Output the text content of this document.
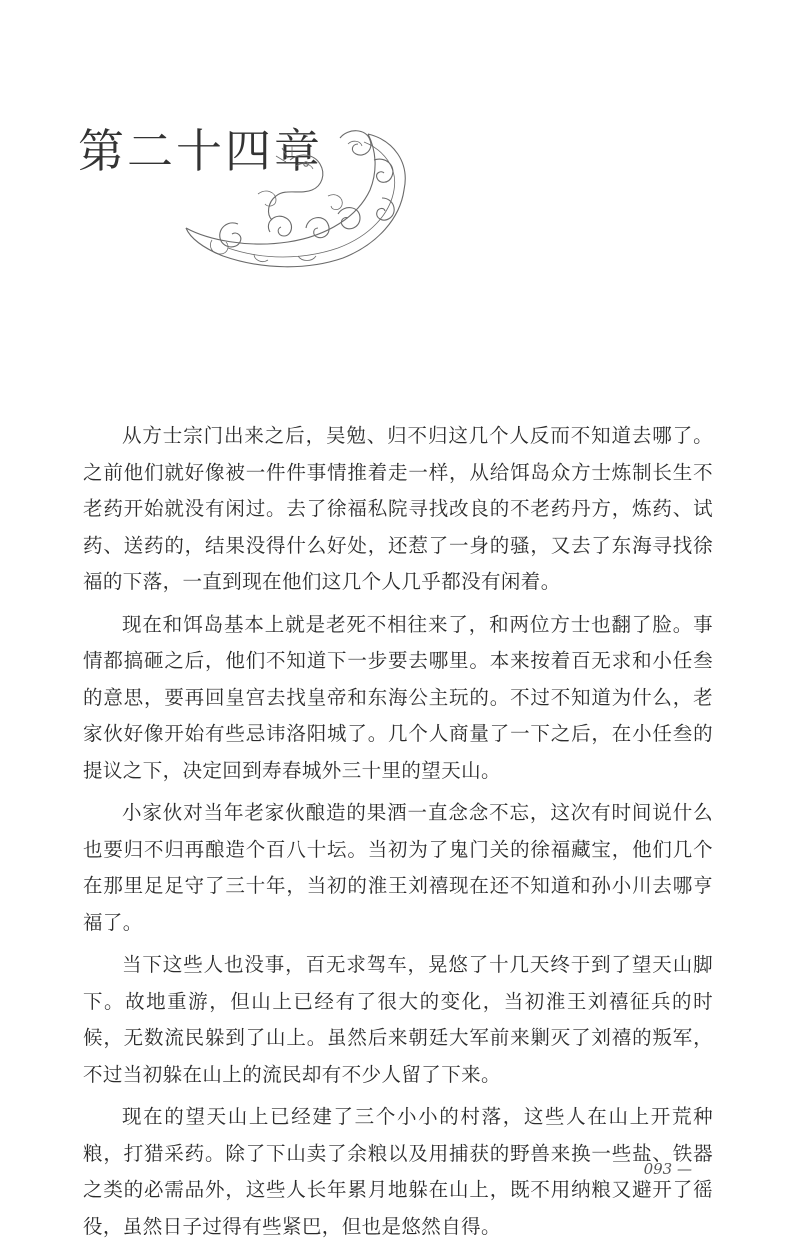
第二十四章

从方士宗门出来之后，吴勉、归不归这几个人反而不知道去哪了。之前他们就好像被一件件事情推着走一样，从给饵岛众方士炼制长生不老药开始就没有闲过。去了徐福私院寻找改良的不老药丹方，炼药、试药、送药的，结果没得什么好处，还惹了一身的骚，又去了东海寻找徐福的下落，一直到现在他们这几个人几乎都没有闲着。

现在和饵岛基本上就是老死不相往来了，和两位方士也翻了脸。事情都搞砸之后，他们不知道下一步要去哪里。本来按着百无求和小任叁的意思，要再回皇宫去找皇帝和东海公主玩的。不过不知道为什么，老家伙好像开始有些忌讳洛阳城了。几个人商量了一下之后，在小任叁的提议之下，决定回到寿春城外三十里的望天山。

小家伙对当年老家伙酿造的果酒一直念念不忘，这次有时间说什么也要归不归再酿造个百八十坛。当初为了鬼门关的徐福藏宝，他们几个在那里足足守了三十年，当初的淮王刘禧现在还不知道和孙小川去哪亨福了。

当下这些人也没事，百无求驾车，晃悠了十几天终于到了望天山脚下。故地重游，但山上已经有了很大的变化，当初淮王刘禧征兵的时候，无数流民躲到了山上。虽然后来朝廷大军前来剿灭了刘禧的叛军，不过当初躲在山上的流民却有不少人留了下来。

现在的望天山上已经建了三个小小的村落，这些人在山上开荒种粮，打猎采药。除了下山卖了余粮以及用捕获的野兽来换一些盐、铁器之类的必需品外，这些人长年累月地躲在山上，既不用纳粮又避开了徭役，虽然日子过得有些紧巴，但也是悠然自得。

093 —
